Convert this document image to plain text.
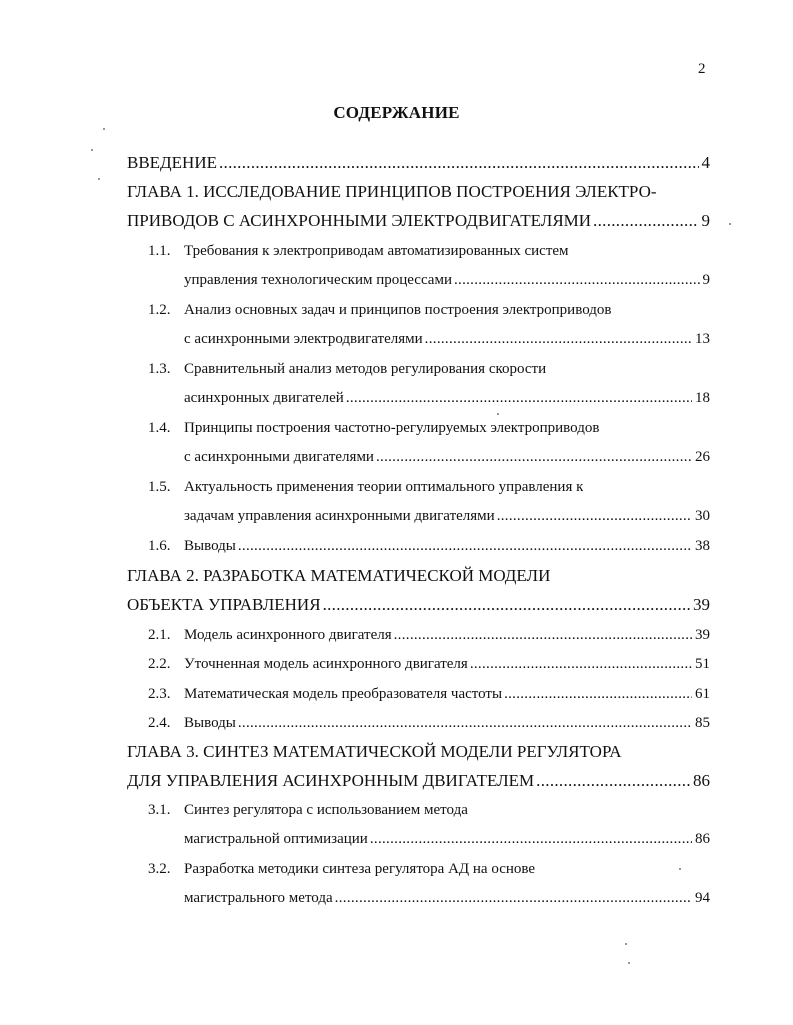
2
СОДЕРЖАНИЕ
ВВЕДЕНИЕ .....	4
ГЛАВА 1. ИССЛЕДОВАНИЕ ПРИНЦИПОВ ПОСТРОЕНИЯ ЭЛЕКТРО-
ПРИВОДОВ С АСИНХРОННЫМИ ЭЛЕКТРОДВИГАТЕЛЯМИ .....	9
1.1. Требования к электроприводам автоматизированных систем
управления технологическим процессами .....	9
1.2. Анализ основных задач и принципов построения электроприводов
с асинхронными электродвигателями .....	13
1.3. Сравнительный анализ методов регулирования скорости
асинхронных двигателей .....	18
1.4. Принципы построения частотно-регулируемых электроприводов
с асинхронными двигателями .....	26
1.5. Актуальность применения теории оптимального управления к
задачам управления асинхронными двигателями .....	30
1.6. Выводы .....	38
ГЛАВА 2. РАЗРАБОТКА МАТЕМАТИЧЕСКОЙ МОДЕЛИ
ОБЪЕКТА УПРАВЛЕНИЯ .....	39
2.1. Модель асинхронного двигателя .....	39
2.2. Уточненная модель асинхронного двигателя .....	51
2.3. Математическая модель преобразователя частоты .....	61
2.4. Выводы .....	85
ГЛАВА 3. СИНТЕЗ МАТЕМАТИЧЕСКОЙ МОДЕЛИ РЕГУЛЯТОРА
ДЛЯ УПРАВЛЕНИЯ АСИНХРОННЫМ ДВИГАТЕЛЕМ .....	86
3.1. Синтез регулятора с использованием метода
магистральной оптимизации .....	86
3.2. Разработка методики синтеза регулятора АД на основе
магистрального метода .....	94
